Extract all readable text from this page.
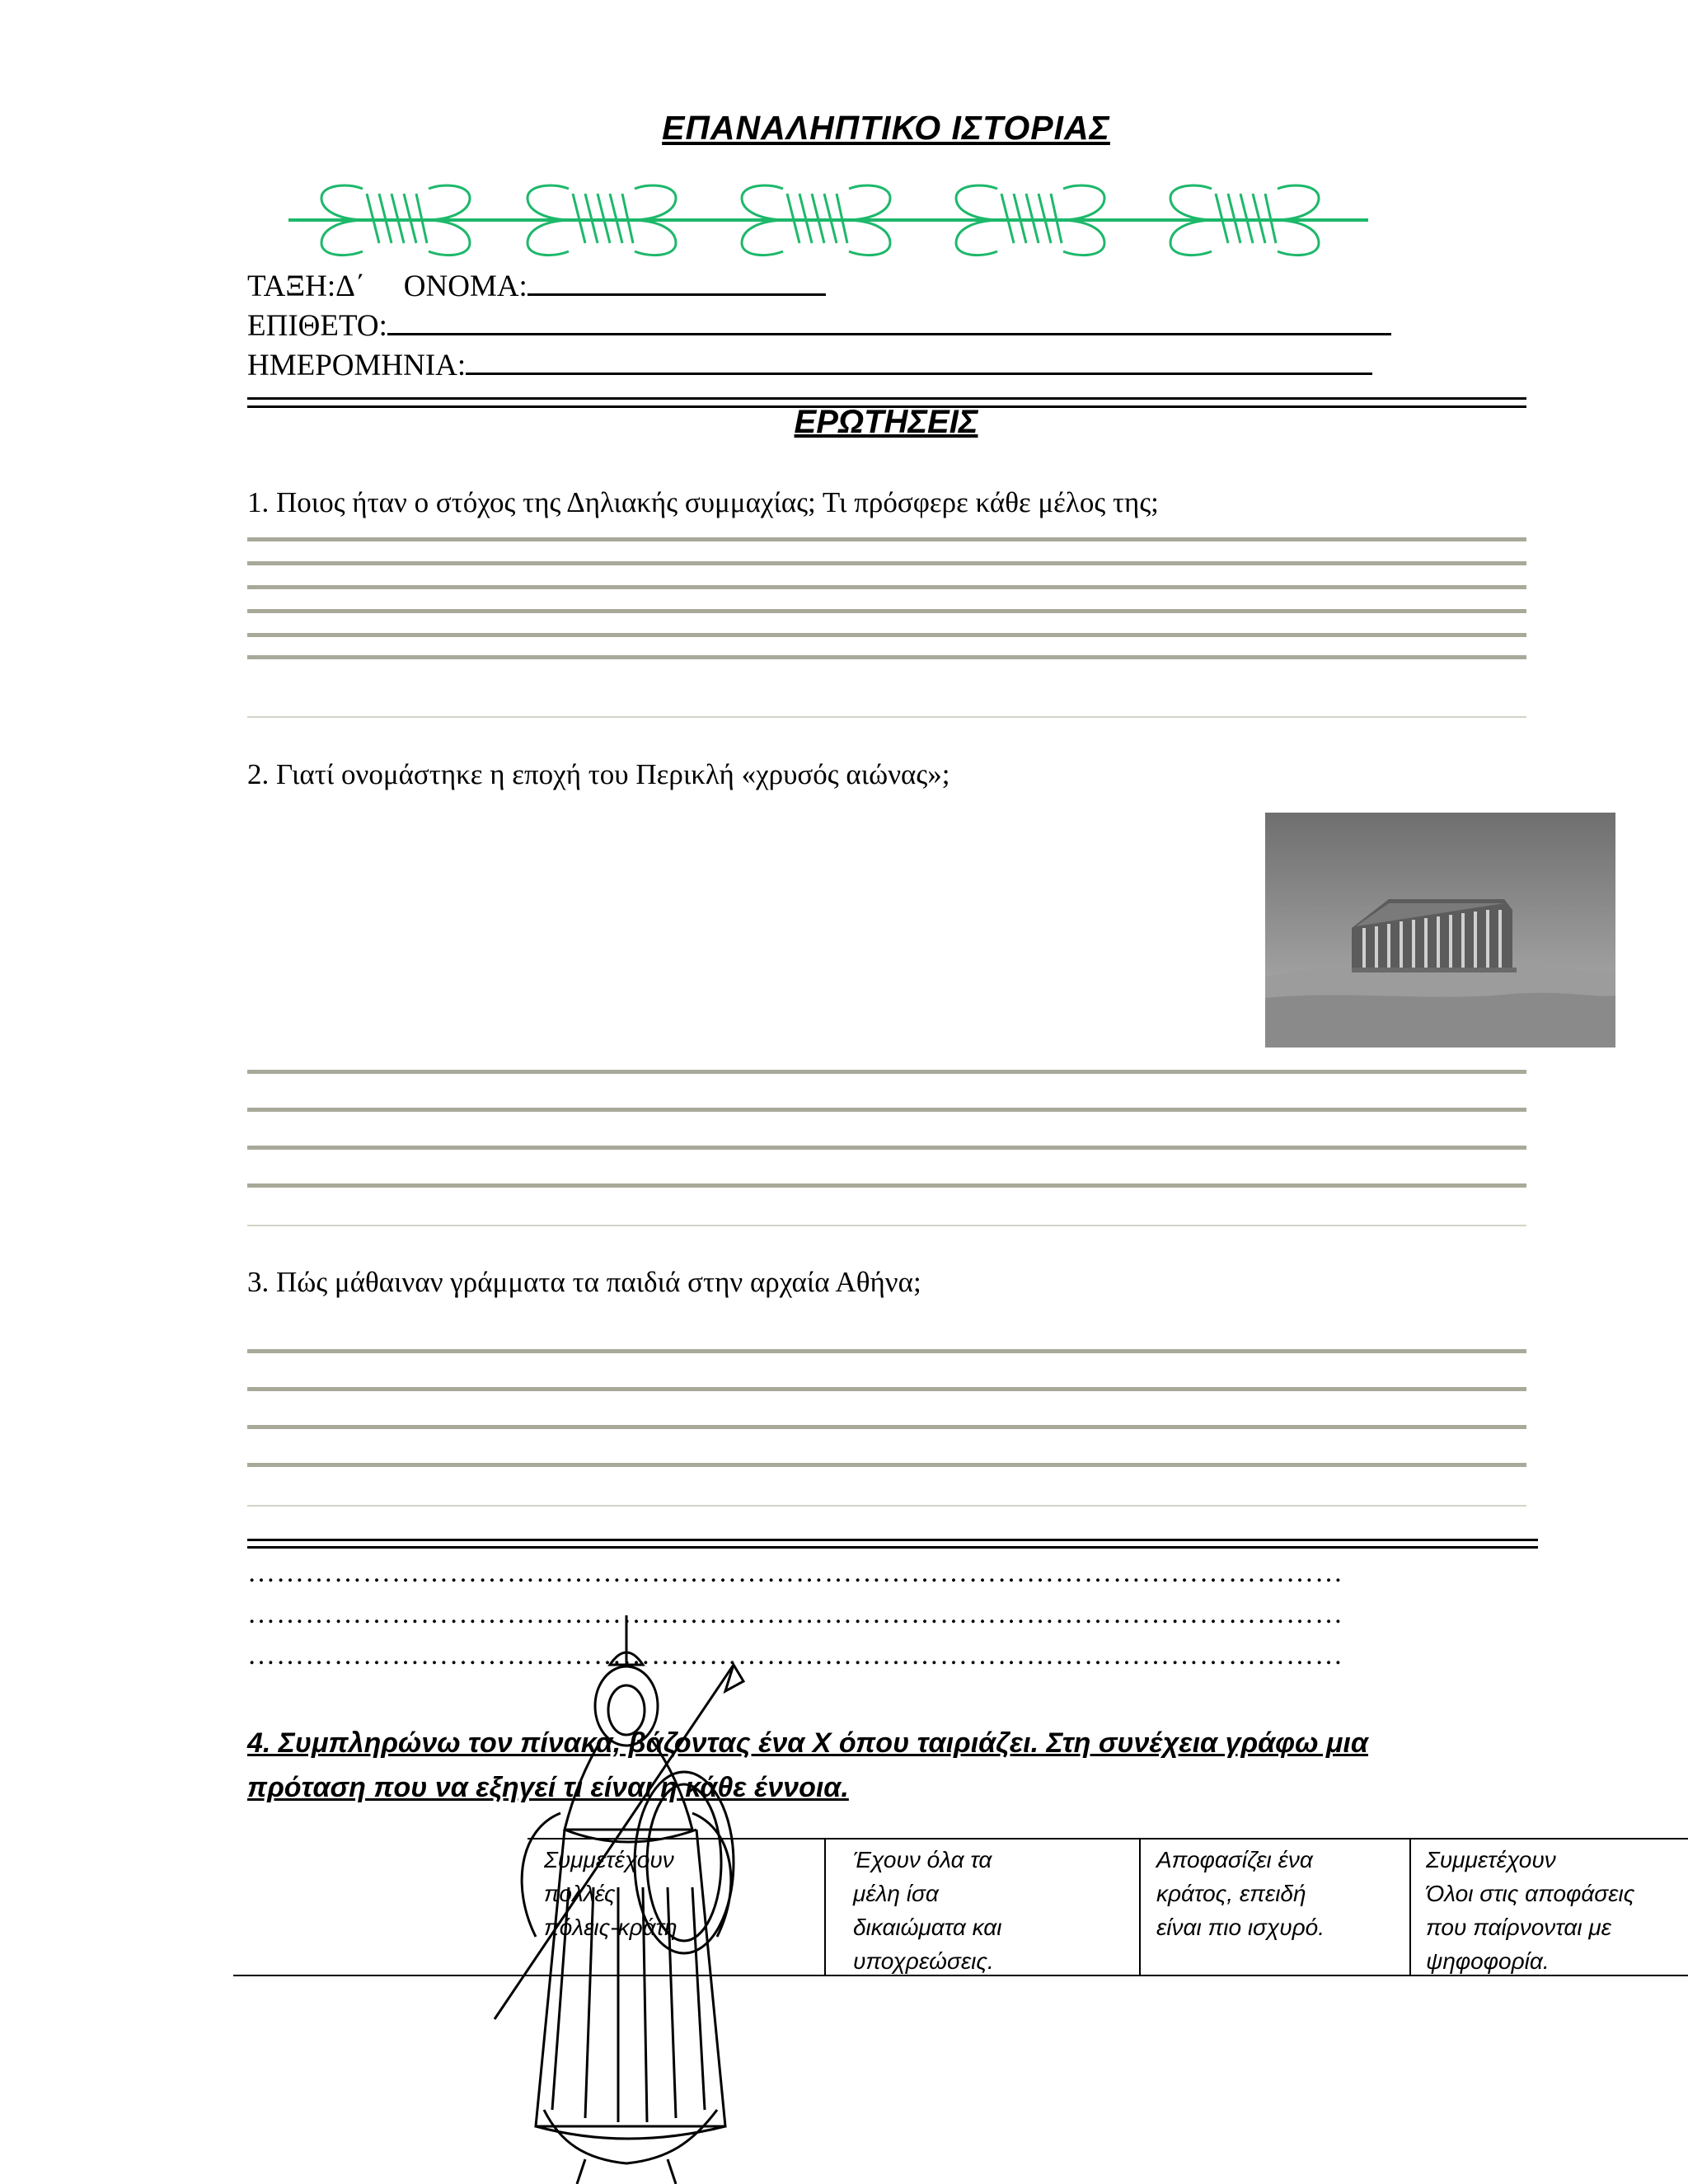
ΕΠΑΝΑΛΗΠΤΙΚΟ ΙΣΤΟΡΙΑΣ
ΤΑΞΗ:Δ΄ ΟΝΟΜΑ:
ΕΠΙΘΕΤΟ:
ΗΜΕΡΟΜΗΝΙΑ:
ΕΡΩΤΗΣΕΙΣ
1. Ποιος ήταν ο στόχος της Δηλιακής συμμαχίας; Τι πρόσφερε κάθε μέλος της;
2. Γιατί ονομάστηκε η εποχή του Περικλή «χρυσός αιώνας»;
3. Πώς μάθαιναν γράμματα τα παιδιά στην αρχαία Αθήνα;
……………………………………………………………………………………………………
……………………………………………………………………………………………………
……………………………………………………………………………………………………
4. Συμπληρώνω τον πίνακα, βάζοντας ένα Χ όπου ταιριάζει. Στη συνέχεια γράφω μια
πρόταση που να εξηγεί τι είναι η κάθε έννοια.
Συμμετέχουν
πολλές
πόλεις-κράτη
Έχουν όλα τα
μέλη ίσα
δικαιώματα και
υποχρεώσεις.
Αποφασίζει ένα
κράτος, επειδή
είναι πιο ισχυρό.
Συμμετέχουν
Όλοι στις αποφάσεις
που παίρνονται με
ψηφοφορία.
